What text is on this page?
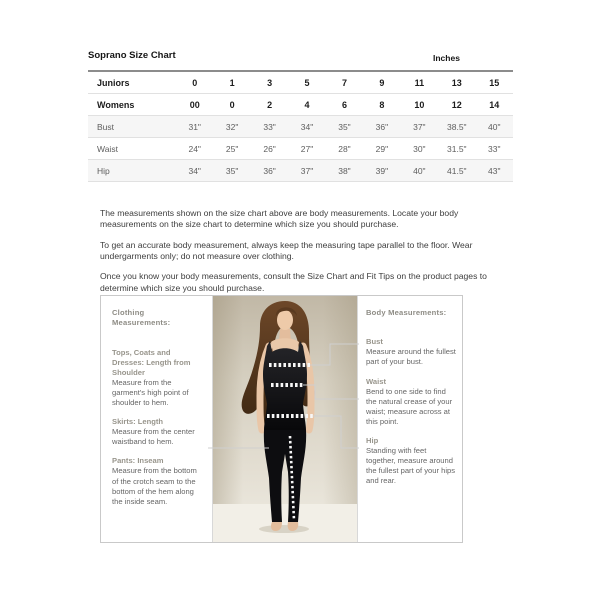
Soprano Size Chart	Inches
Juniors	0	1	3	5	7	9	11	13	15
Womens	00	0	2	4	6	8	10	12	14
Bust	31"	32"	33"	34"	35"	36"	37"	38.5"	40"
Waist	24"	25"	26"	27"	28"	29"	30"	31.5"	33"
Hip	34"	35"	36"	37"	38"	39"	40"	41.5"	43"

The measurements shown on the size chart above are body measurements. Locate your body measurements on the size chart to determine which size you should purchase.

To get an accurate body measurement, always keep the measuring tape parallel to the floor. Wear undergarments only; do not measure over clothing.

Once you know your body measurements, consult the Size Chart and Fit Tips on the product pages to determine which size you should purchase.

Clothing Measurements:
Tops, Coats and Dresses: Length from Shoulder
Measure from the garment's high point of shoulder to hem.
Skirts: Length
Measure from the center waistband to hem.
Pants: Inseam
Measure from the bottom of the crotch seam to the bottom of the hem along the inside seam.
Body Measurements:
Bust
Measure around the fullest part of your bust.
Waist
Bend to one side to find the natural crease of your waist; measure across at this point.
Hip
Standing with feet together, measure around the fullest part of your hips and rear.
